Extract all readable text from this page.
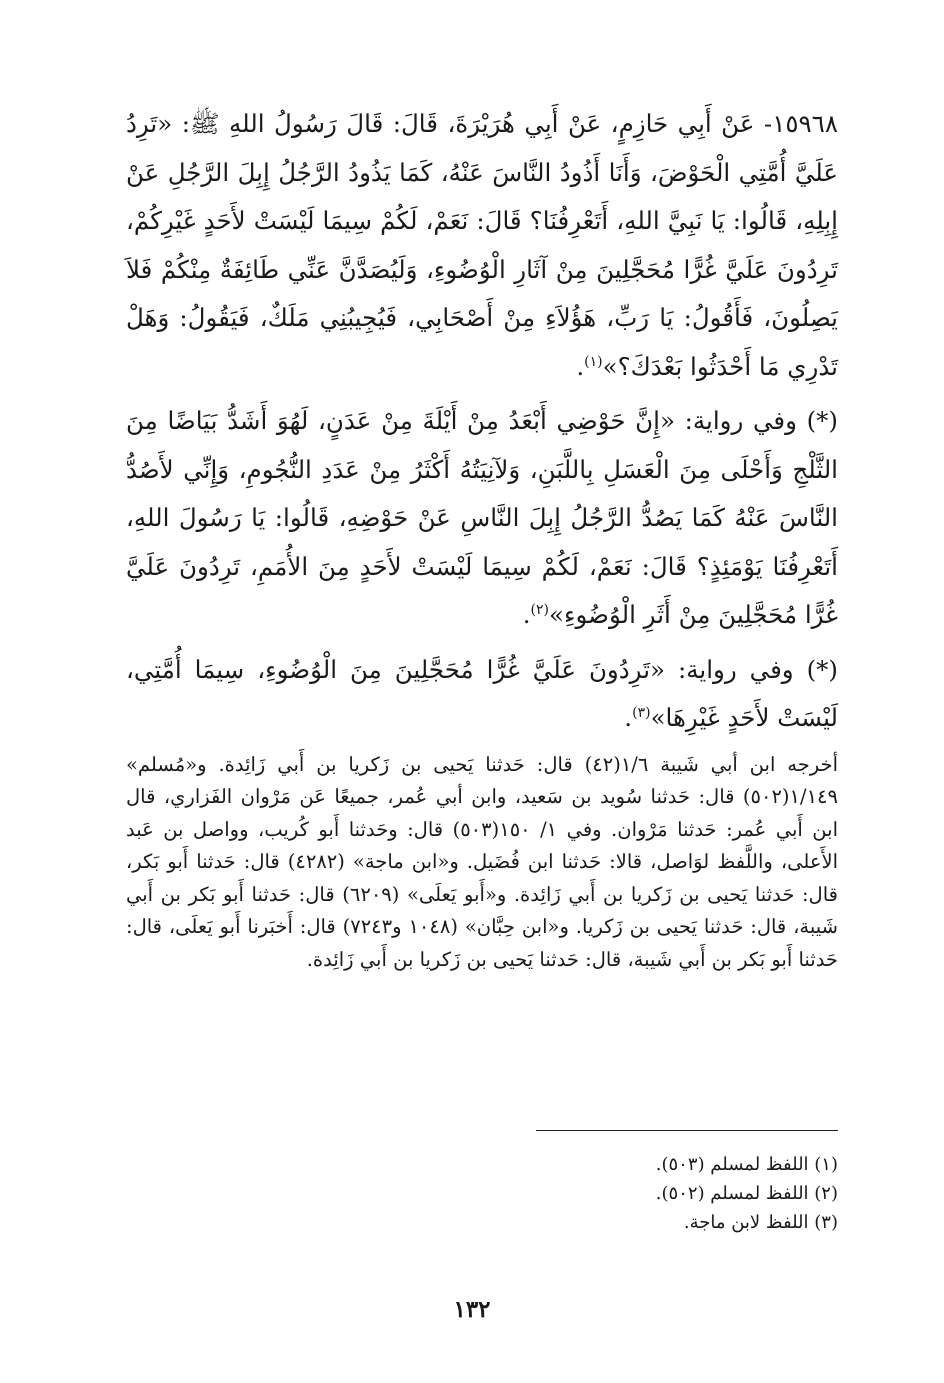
١٥٩٦٨- عَنْ أَبِي حَازِمٍ، عَنْ أَبِي هُرَيْرَةَ، قَالَ: قَالَ رَسُولُ اللهِ ﷺ: «تَرِدُ عَلَيَّ أُمَّتِي الْحَوْضَ، وَأَنَا أَذُودُ النَّاسَ عَنْهُ، كَمَا يَذُودُ الرَّجُلُ إِبِلَ الرَّجُلِ عَنْ إِبِلِهِ، قَالُوا: يَا نَبِيَّ اللهِ، أَتَعْرِفُنَا؟ قَالَ: نَعَمْ، لَكُمْ سِيمَا لَيْسَتْ لأَحَدٍ غَيْرِكُمْ، تَرِدُونَ عَلَيَّ غُرًّا مُحَجَّلِينَ مِنْ آثَارِ الْوُضُوءِ، وَلَيُصَدَّنَّ عَنِّي طَائِفَةٌ مِنْكُمْ فَلاَ يَصِلُونَ، فَأَقُولُ: يَا رَبِّ، هَؤُلاَءِ مِنْ أَصْحَابِي، فَيُجِيبُنِي مَلَكٌ، فَيَقُولُ: وَهَلْ تَدْرِي مَا أَحْدَثُوا بَعْدَكَ؟»$^{(١)}$.

(*) وفي رواية: «إِنَّ حَوْضِي أَبْعَدُ مِنْ أَيْلَةَ مِنْ عَدَنٍ، لَهُوَ أَشَدُّ بَيَاضًا مِنَ الثَّلْجِ وَأَحْلَى مِنَ الْعَسَلِ بِاللَّبَنِ، وَلآنِيَتُهُ أَكْثَرُ مِنْ عَدَدِ النُّجُومِ، وَإِنِّي لأَصُدُّ النَّاسَ عَنْهُ كَمَا يَصُدُّ الرَّجُلُ إِبِلَ النَّاسِ عَنْ حَوْضِهِ، قَالُوا: يَا رَسُولَ اللهِ، أَتَعْرِفُنَا يَوْمَئِذٍ؟ قَالَ: نَعَمْ، لَكُمْ سِيمَا لَيْسَتْ لأَحَدٍ مِنَ الأُمَمِ، تَرِدُونَ عَلَيَّ غُرًّا مُحَجَّلِينَ مِنْ أَثَرِ الْوُضُوءِ»$^{(٢)}$.

(*) وفي رواية: «تَرِدُونَ عَلَيَّ غُرًّا مُحَجَّلِينَ مِنَ الْوُضُوءِ، سِيمَا أُمَّتِي، لَيْسَتْ لأَحَدٍ غَيْرِهَا»$^{(٣)}$.

أخرجه ابن أبي شَيبة ١/٦(٤٢) قال: حَدثنا يَحيى بن زَكريا بن أَبي زَائِدة. و«مُسلم» ١/١٤٩(٥٠٢) قال: حَدثنا سُويد بن سَعيد، وابن أبي عُمر، جميعًا عَن مَرْوان الفَزاري، قال ابن أَبي عُمر: حَدثنا مَرْوان. وفي ١/ ١٥٠(٥٠٣) قال: وحَدثنا أَبو كُريب، وواصل بن عَبد الأَعلى، واللَّفظ لوَاصل، قالا: حَدثنا ابن فُضَيل. و«ابن ماجة» (٤٢٨٢) قال: حَدثنا أَبو بَكر، قال: حَدثنا يَحيى بن زَكريا بن أَبي زَائِدة. و«أَبو يَعلَى» (٦٢٠٩) قال: حَدثنا أَبو بَكر بن أَبي شَيبة، قال: حَدثنا يَحيى بن زَكريا. و«ابن حِبَّان» (١٠٤٨ و٧٢٤٣) قال: أَخبَرنا أَبو يَعلَى، قال: حَدثنا أَبو بَكر بن أَبي شَيبة، قال: حَدثنا يَحيى بن زَكريا بن أَبي زَائِدة.

(١) اللفظ لمسلم (٥٠٣).

(٢) اللفظ لمسلم (٥٠٢).

(٣) اللفظ لابن ماجة.

١٣٢
